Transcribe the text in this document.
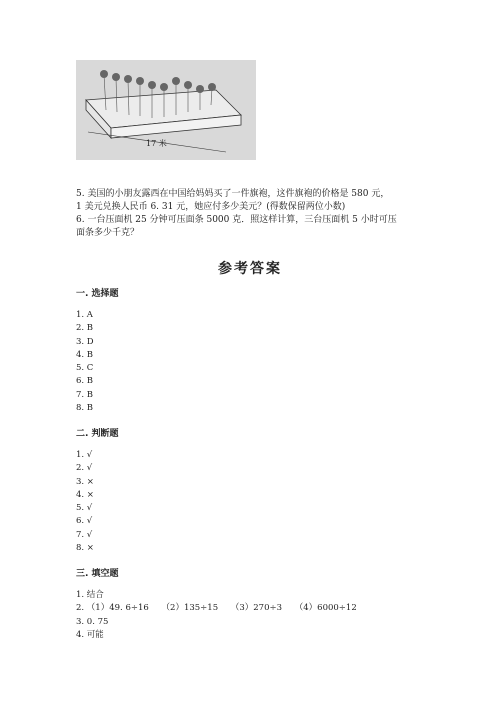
17 米
5. 美国的小朋友露西在中国给妈妈买了一件旗袍，这件旗袍的价格是 580 元，
1 美元兑换人民币 6. 31 元，她应付多少美元？(得数保留两位小数)
6. 一台压面机 25 分钟可压面条 5000 克．照这样计算，三台压面机 5 小时可压
面条多少千克？
参考答案
一. 选择题
1. A
2. B
3. D
4. B
5. C
6. B
7. B
8. B
二. 判断题
1. √
2. √
3. ×
4. ×
5. √
6. √
7. √
8. ×
三. 填空题
1. 结合
2. （1）49. 6÷16　　（2）135÷15　　（3）270÷3　　（4）6000÷12
3. 0. 75
4. 可能
